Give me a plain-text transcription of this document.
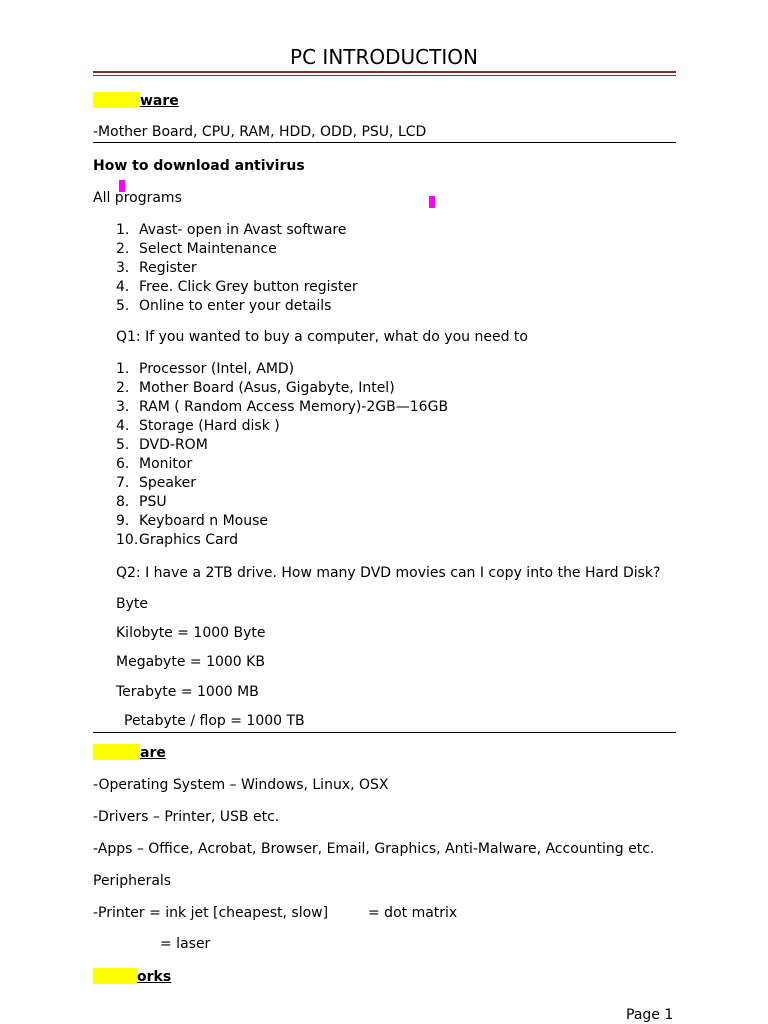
PC INTRODUCTION
ware
-Mother Board, CPU, RAM, HDD, ODD, PSU, LCD
How to download antivirus
All programs
1. Avast- open in Avast software
2. Select Maintenance
3. Register
4. Free. Click Grey button register
5. Online to enter your details
Q1: If you wanted to buy a computer, what do you need to
1. Processor (Intel, AMD)
2. Mother Board (Asus, Gigabyte, Intel)
3. RAM ( Random Access Memory)-2GB—16GB
4. Storage (Hard disk )
5. DVD-ROM
6. Monitor
7. Speaker
8. PSU
9. Keyboard n Mouse
10.Graphics Card
Q2: I have a 2TB drive. How many DVD movies can I copy into the Hard Disk?
Byte
Kilobyte = 1000 Byte
Megabyte = 1000 KB
Terabyte = 1000 MB
Petabyte / flop = 1000 TB
are
-Operating System – Windows, Linux, OSX
-Drivers – Printer, USB etc.
-Apps – Office, Acrobat, Browser, Email, Graphics, Anti-Malware, Accounting etc.
Peripherals
-Printer = ink jet [cheapest, slow]	= dot matrix
= laser
orks
Page 1
